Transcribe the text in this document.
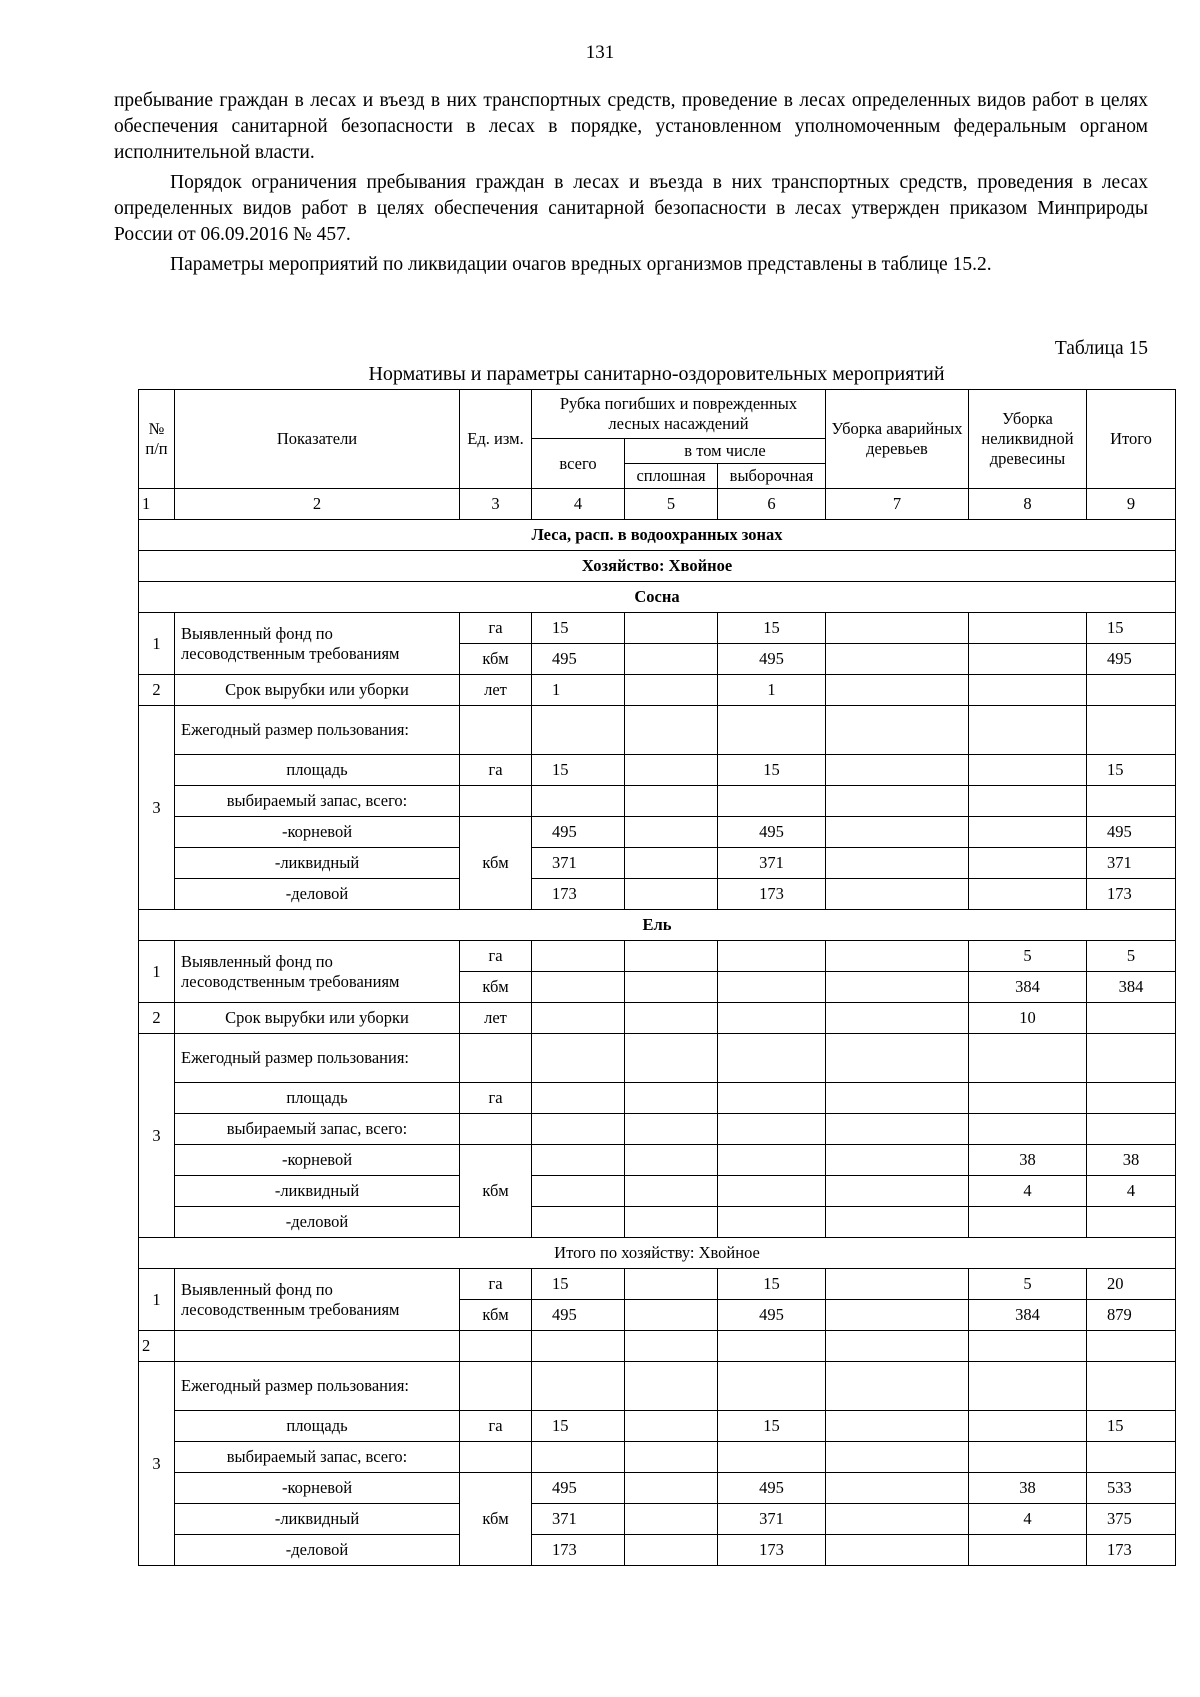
131

пребывание граждан в лесах и въезд в них транспортных средств, проведение в лесах определенных видов работ в целях обеспечения санитарной безопасности в лесах в порядке, установленном уполномоченным федеральным органом исполнительной власти.

Порядок ограничения пребывания граждан в лесах и въезда в них транспортных средств, проведения в лесах определенных видов работ в целях обеспечения санитарной безопасности в лесах утвержден приказом Минприроды России от 06.09.2016 № 457.

Параметры мероприятий по ликвидации очагов вредных организмов представлены в таблице 15.2.

Таблица 15
Нормативы и параметры санитарно-оздоровительных мероприятий
№ п/п	Показатели	Ед. изм.	Рубка погибших и поврежденных лесных насаждений			Уборка аварийных деревьев	Уборка неликвидной древесины	Итого
			всего	в том числе				
				сплошная	выборочная			
1	2	3	4	5	6	7	8	9
Леса, расп. в водоохранных зонах								
Хозяйство: Хвойное								
Сосна								
1	Выявленный фонд по лесоводственным требованиям	га	15		15			15
		кбм	495		495			495
2	Срок вырубки или уборки	лет	1		1			
3	Ежегодный размер пользования:							
	площадь	га	15		15			15
	выбираемый запас, всего:							
	-корневой	кбм	495		495			495
	-ликвидный		371		371			371
	-деловой		173		173			173
Ель								
1	Выявленный фонд по лесоводственным требованиям	га					5	5
		кбм					384	384
2	Срок вырубки или уборки	лет					10	
3	Ежегодный размер пользования:							
	площадь	га						
	выбираемый запас, всего:							
	-корневой	кбм					38	38
	-ликвидный						4	4
	-деловой							
Итого по хозяйству: Хвойное								
1	Выявленный фонд по лесоводственным требованиям	га	15		15		5	20
		кбм	495		495		384	879
2								
3	Ежегодный размер пользования:							
	площадь	га	15		15			15
	выбираемый запас, всего:							
	-корневой	кбм	495		495		38	533
	-ликвидный		371		371		4	375
	-деловой		173		173			173
